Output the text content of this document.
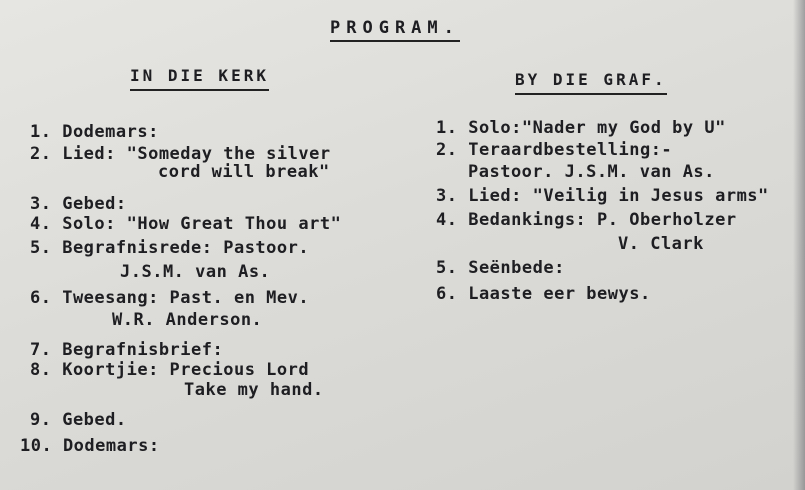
PROGRAM.
IN DIE KERK	BY DIE GRAF.
1. Dodemars:
2. Lied: "Someday the silver
cord will break"
3. Gebed:
4. Solo: "How Great Thou art"
5. Begrafnisrede: Pastoor.
J.S.M. van As.
6. Tweesang: Past. en Mev.
W.R. Anderson.
7. Begrafnisbrief:
8. Koortjie: Precious Lord
Take my hand.
9. Gebed.
10. Dodemars:
1. Solo:"Nader my God by U"
2. Teraardbestelling:-
Pastoor. J.S.M. van As.
3. Lied: "Veilig in Jesus arms"
4. Bedankings: P. Oberholzer
V. Clark
5. Seënbede:
6. Laaste eer bewys.
